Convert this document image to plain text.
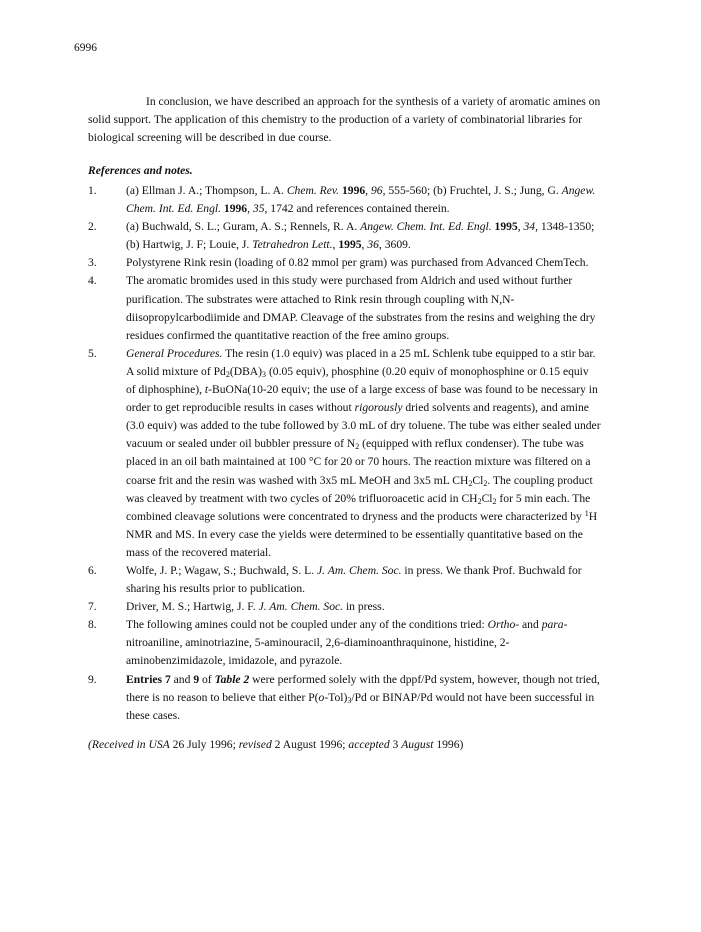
6996
In conclusion, we have described an approach for the synthesis of a variety of aromatic amines on
solid support. The application of this chemistry to the production of a variety of combinatorial libraries for
biological screening will be described in due course.
References and notes.
1.	(a) Ellman J. A.; Thompson, L. A. Chem. Rev. 1996, 96, 555-560; (b) Fruchtel, J. S.; Jung, G. Angew.
Chem. Int. Ed. Engl. 1996, 35, 1742 and references contained therein.
2.	(a) Buchwald, S. L.; Guram, A. S.; Rennels, R. A. Angew. Chem. Int. Ed. Engl. 1995, 34, 1348-1350;
(b) Hartwig, J. F; Louie, J. Tetrahedron Lett., 1995, 36, 3609.
3.	Polystyrene Rink resin (loading of 0.82 mmol per gram) was purchased from Advanced ChemTech.
4.	The aromatic bromides used in this study were purchased from Aldrich and used without further
purification. The substrates were attached to Rink resin through coupling with N,N-
diisopropylcarbodiimide and DMAP. Cleavage of the substrates from the resins and weighing the dry
residues confirmed the quantitative reaction of the free amino groups.
5.	General Procedures. The resin (1.0 equiv) was placed in a 25 mL Schlenk tube equipped to a stir bar.
A solid mixture of $Pd_2(DBA)_3$ (0.05 equiv), phosphine (0.20 equiv of monophosphine or 0.15 equiv
of diphosphine), t-BuONa(10-20 equiv; the use of a large excess of base was found to be necessary in
order to get reproducible results in cases without rigorously dried solvents and reagents), and amine
(3.0 equiv) was added to the tube followed by 3.0 mL of dry toluene. The tube was either sealed under
vacuum or sealed under oil bubbler pressure of $N_2$ (equipped with reflux condenser). The tube was
placed in an oil bath maintained at 100 °C for 20 or 70 hours. The reaction mixture was filtered on a
coarse frit and the resin was washed with 3x5 mL MeOH and 3x5 mL $CH_2Cl_2$. The coupling product
was cleaved by treatment with two cycles of 20% trifluoroacetic acid in $CH_2Cl_2$ for 5 min each. The
combined cleavage solutions were concentrated to dryness and the products were characterized by $^1$H
NMR and MS. In every case the yields were determined to be essentially quantitative based on the
mass of the recovered material.
6.	Wolfe, J. P.; Wagaw, S.; Buchwald, S. L. J. Am. Chem. Soc. in press. We thank Prof. Buchwald for
sharing his results prior to publication.
7.	Driver, M. S.; Hartwig, J. F. J. Am. Chem. Soc. in press.
8.	The following amines could not be coupled under any of the conditions tried: Ortho- and para-
nitroaniline, aminotriazine, 5-aminouracil, 2,6-diaminoanthraquinone, histidine, 2-
aminobenzimidazole, imidazole, and pyrazole.
9.	Entries 7 and 9 of Table 2 were performed solely with the dppf/Pd system, however, though not tried,
there is no reason to believe that either $P(o-Tol)_3/Pd$ or BINAP/Pd would not have been successful in
these cases.
(Received in USA 26 July 1996; revised 2 August 1996; accepted 3 August 1996)
